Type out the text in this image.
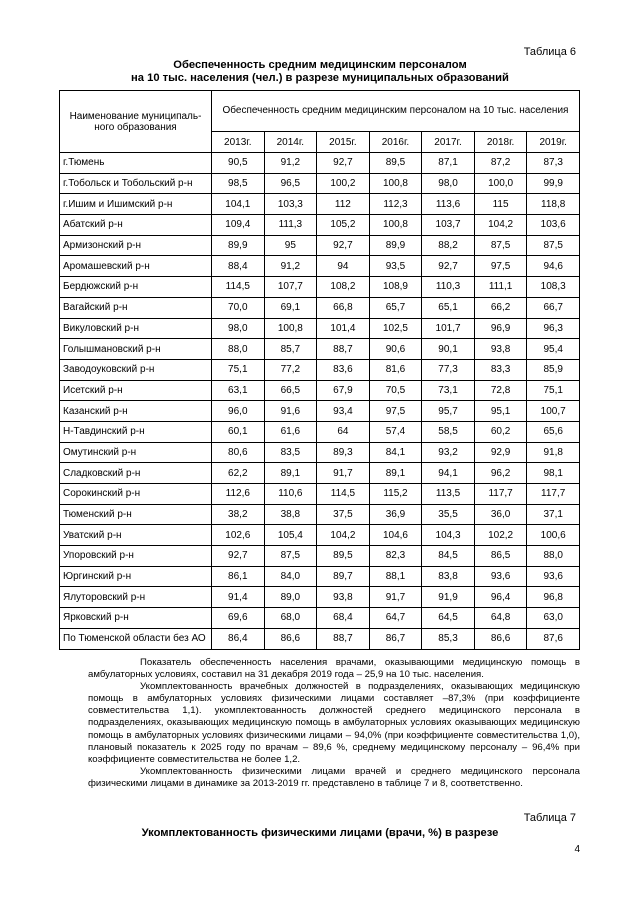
Таблица 6
Обеспеченность средним медицинским персоналом
на 10 тыс. населения (чел.) в разрезе муниципальных образований
Наименование муниципаль-ного образования	Обеспеченность средним медицинским персоналом на 10 тыс. населения						
	2013г.	2014г.	2015г.	2016г.	2017г.	2018г.	2019г.
г.Тюмень	90,5	91,2	92,7	89,5	87,1	87,2	87,3
г.Тобольск и Тобольский р-н	98,5	96,5	100,2	100,8	98,0	100,0	99,9
г.Ишим и Ишимский р-н	104,1	103,3	112	112,3	113,6	115	118,8
Абатский р-н	109,4	111,3	105,2	100,8	103,7	104,2	103,6
Армизонский р-н	89,9	95	92,7	89,9	88,2	87,5	87,5
Аромашевский р-н	88,4	91,2	94	93,5	92,7	97,5	94,6
Бердюжский р-н	114,5	107,7	108,2	108,9	110,3	111,1	108,3
Вагайский р-н	70,0	69,1	66,8	65,7	65,1	66,2	66,7
Викуловский р-н	98,0	100,8	101,4	102,5	101,7	96,9	96,3
Голышмановский р-н	88,0	85,7	88,7	90,6	90,1	93,8	95,4
Заводоуковский р-н	75,1	77,2	83,6	81,6	77,3	83,3	85,9
Исетский р-н	63,1	66,5	67,9	70,5	73,1	72,8	75,1
Казанский р-н	96,0	91,6	93,4	97,5	95,7	95,1	100,7
Н-Тавдинский р-н	60,1	61,6	64	57,4	58,5	60,2	65,6
Омутинский р-н	80,6	83,5	89,3	84,1	93,2	92,9	91,8
Сладковский р-н	62,2	89,1	91,7	89,1	94,1	96,2	98,1
Сорокинский р-н	112,6	110,6	114,5	115,2	113,5	117,7	117,7
Тюменский р-н	38,2	38,8	37,5	36,9	35,5	36,0	37,1
Уватский р-н	102,6	105,4	104,2	104,6	104,3	102,2	100,6
Упоровский р-н	92,7	87,5	89,5	82,3	84,5	86,5	88,0
Юргинский р-н	86,1	84,0	89,7	88,1	83,8	93,6	93,6
Ялуторовский р-н	91,4	89,0	93,8	91,7	91,9	96,4	96,8
Ярковский р-н	69,6	68,0	68,4	64,7	64,5	64,8	63,0
По Тюменской области без АО	86,4	86,6	88,7	86,7	85,3	86,6	87,6

Показатель обеспеченность населения врачами, оказывающими медицинскую помощь в амбулаторных условиях, составил на 31 декабря 2019 года – 25,9 на 10 тыс. населения.

Укомплектованность врачебных должностей в подразделениях, оказывающих медицинскую помощь в амбулаторных условиях физическими лицами составляет –87,3% (при коэффициенте совместительства 1,1). укомплектованность должностей среднего медицинского персонала в подразделениях, оказывающих медицинскую помощь в амбулаторных условиях оказывающих медицинскую помощь в амбулаторных условиях физическими лицами – 94,0% (при коэффициенте совместительства 1,0), плановый показатель к 2025 году по врачам – 89,6 %, среднему медицинскому персоналу – 96,4% при коэффициенте совместительства не более 1,2.

Укомплектованность физическими лицами врачей и среднего медицинского персонала физическими лицами в динамике за 2013-2019 гг. представлено в таблице 7 и 8, соответственно.

Таблица 7
Укомплектованность физическими лицами (врачи, %) в разрезе
4
